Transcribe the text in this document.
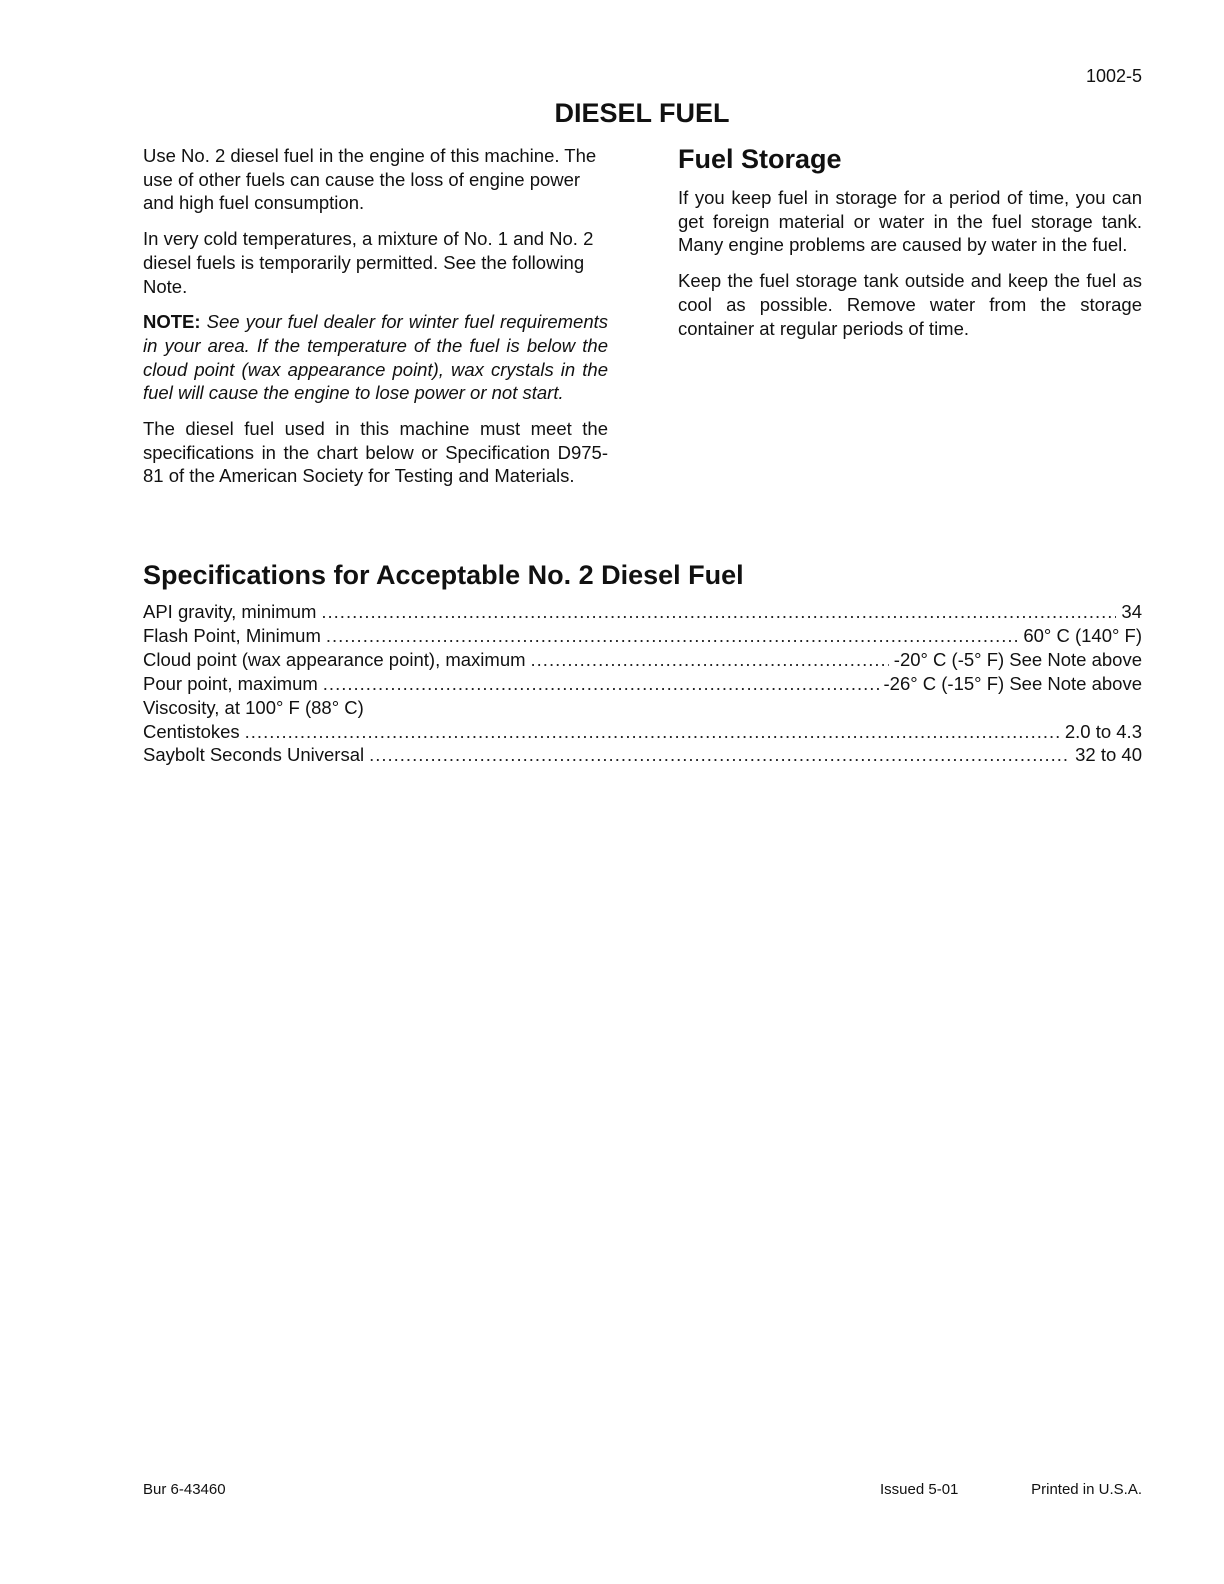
1002-5
DIESEL FUEL

Use No. 2 diesel fuel in the engine of this machine. The use of other fuels can cause the loss of engine power and high fuel consumption.

In very cold temperatures, a mixture of No. 1 and No. 2 diesel fuels is temporarily permitted. See the following Note.

NOTE: See your fuel dealer for winter fuel requirements in your area. If the temperature of the fuel is below the cloud point (wax appearance point), wax crystals in the fuel will cause the engine to lose power or not start.

The diesel fuel used in this machine must meet the specifications in the chart below or Specification D975-81 of the American Society for Testing and Materials.

Fuel Storage

If you keep fuel in storage for a period of time, you can get foreign material or water in the fuel storage tank. Many engine problems are caused by water in the fuel.

Keep the fuel storage tank outside and keep the fuel as cool as possible. Remove water from the storage container at regular periods of time.

Specifications for Acceptable No. 2 Diesel Fuel
API gravity, minimum .....	34
Flash Point, Minimum .....	60° C (140° F)
Cloud point (wax appearance point), maximum .....	-20° C (-5° F) See Note above
Pour point, maximum .....	-26° C (-15° F) See Note above
Viscosity, at 100° F (88° C)
Centistokes .....	2.0 to 4.3
Saybolt Seconds Universal .....	32 to 40
Bur 6-43460	Issued 5-01	Printed in U.S.A.
